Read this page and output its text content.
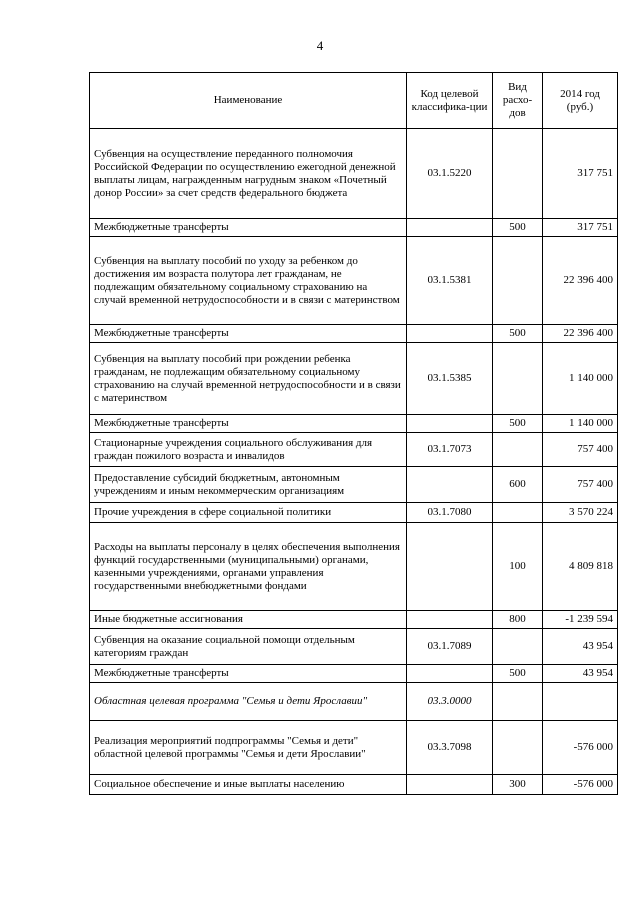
4
Наименование	Код целевой классифика-ции	Вид расхо-дов	2014 год (руб.)
Субвенция на осуществление переданного полномочия Российской Федерации по осуществлению ежегодной денежной выплаты лицам, награжденным нагрудным знаком «Почетный донор России» за счет средств федерального бюджета	03.1.5220		317 751
Межбюджетные трансферты		500	317 751
Субвенция на выплату пособий по уходу за ребенком до достижения им возраста полутора лет гражданам, не подлежащим обязательному социальному страхованию на случай временной нетрудоспособности и в связи с материнством	03.1.5381		22 396 400
Межбюджетные трансферты		500	22 396 400
Субвенция на выплату пособий при рождении ребенка гражданам, не подлежащим обязательному социальному страхованию на случай временной нетрудоспособности и в связи с материнством	03.1.5385		1 140 000
Межбюджетные трансферты		500	1 140 000
Стационарные учреждения социального обслуживания для граждан пожилого возраста и инвалидов	03.1.7073		757 400
Предоставление субсидий бюджетным, автономным учреждениям и иным некоммерческим организациям		600	757 400
Прочие учреждения в сфере социальной политики	03.1.7080		3 570 224
Расходы на выплаты персоналу в целях обеспечения выполнения функций государственными (муниципальными) органами, казенными учреждениями, органами управления государственными внебюджетными фондами		100	4 809 818
Иные бюджетные ассигнования		800	-1 239 594
Субвенция на оказание социальной помощи отдельным категориям граждан	03.1.7089		43 954
Межбюджетные трансферты		500	43 954
Областная целевая программа "Семья и дети Ярославии"	03.3.0000		
Реализация мероприятий подпрограммы "Семья и дети" областной целевой программы "Семья и дети Ярославии"	03.3.7098		-576 000
Социальное обеспечение и иные выплаты населению		300	-576 000
